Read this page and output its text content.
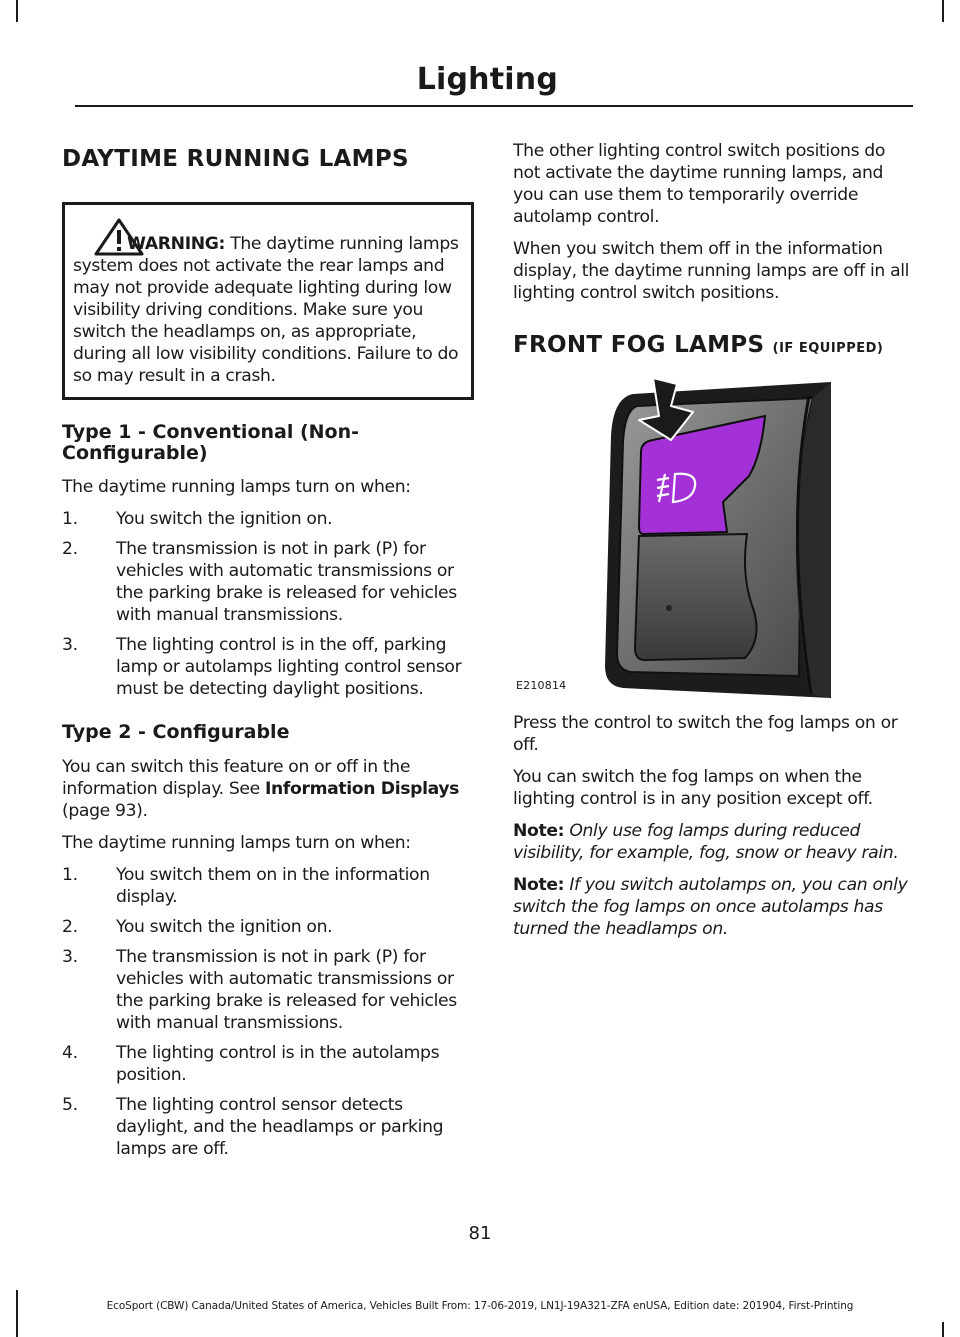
Lighting
DAYTIME RUNNING LAMPS

WARNING: The daytime running lamps system does not activate the rear lamps and may not provide adequate lighting during low visibility driving conditions. Make sure you switch the headlamps on, as appropriate, during all low visibility conditions. Failure to do so may result in a crash.

Type 1 - Conventional (Non-Configurable)

The daytime running lamps turn on when:

1. You switch the ignition on.
2. The transmission is not in park (P) for vehicles with automatic transmissions or the parking brake is released for vehicles with manual transmissions.
3. The lighting control is in the off, parking lamp or autolamps lighting control sensor must be detecting daylight positions.
Type 2 - Configurable

You can switch this feature on or off in the information display. See Information Displays (page 93).

The daytime running lamps turn on when:

1. You switch them on in the information display.
2. You switch the ignition on.
3. The transmission is not in park (P) for vehicles with automatic transmissions or the parking brake is released for vehicles with manual transmissions.
4. The lighting control is in the autolamps position.
5. The lighting control sensor detects daylight, and the headlamps or parking lamps are off.

The other lighting control switch positions do not activate the daytime running lamps, and you can use them to temporarily override autolamp control.

When you switch them off in the information display, the daytime running lamps are off in all lighting control switch positions.

FRONT FOG LAMPS (IF EQUIPPED)
E210814

Press the control to switch the fog lamps on or off.

You can switch the fog lamps on when the lighting control is in any position except off.

Note: Only use fog lamps during reduced visibility, for example, fog, snow or heavy rain.

Note: If you switch autolamps on, you can only switch the fog lamps on once autolamps has turned the headlamps on.

81
EcoSport (CBW) Canada/United States of America, Vehicles Built From: 17-06-2019, LN1J-19A321-ZFA enUSA, Edition date: 201904, First-Printing
